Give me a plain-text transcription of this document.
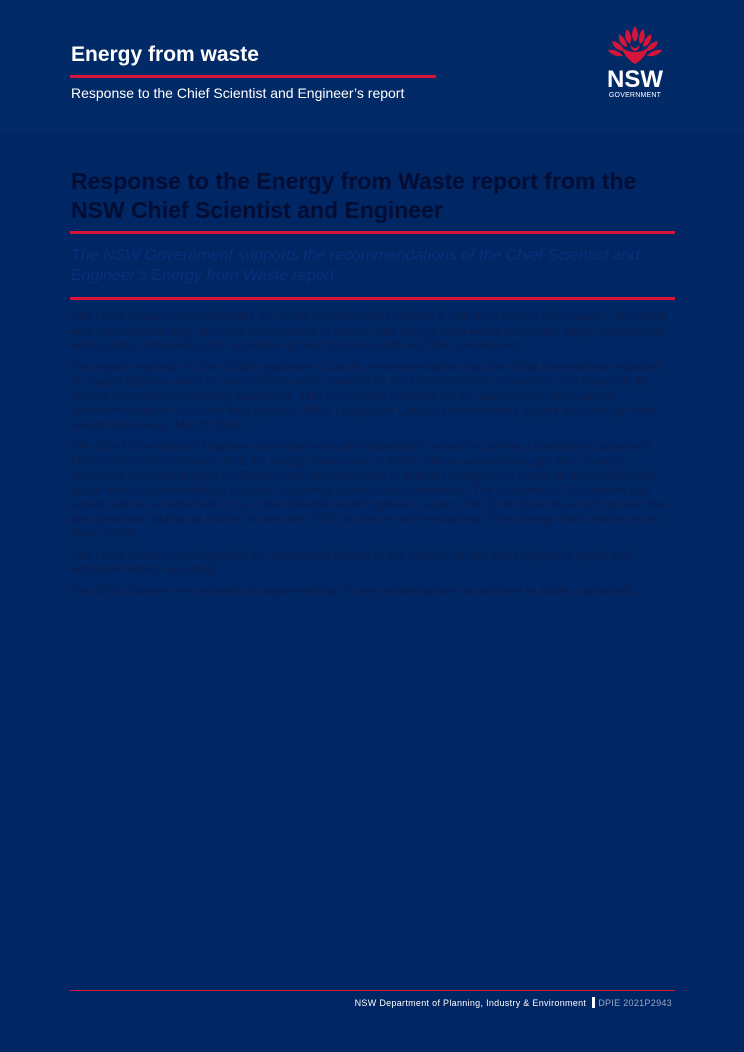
Energy from waste
Response to the Chief Scientist and Engineer’s report	NSW
GOVERNMENT
Response to the Energy from Waste report from the NSW Chief Scientist and Engineer

The NSW Government supports the recommendations of the Chief Scientist and Engineer’s Energy from Waste report

The NSW Government welcomes the Chief Scientist and Engineer’s report on energy from waste. The report was commissioned by the NSW Government to ensure that energy from waste proposals adopt international best practice standards and controls to protect human health and the environment.

The report responds to the NSW Legislative Council’s recommendation that the NSW Government establish an expert advisory body on energy from waste chaired by the Chief Scientist to examine and report on the energy from waste regulatory framework. This is to create certainty for the market and communities (Recommendation 19 of the final report of NSW Legislative Council Parliamentary Inquiry into Energy from Waste technology, March 2018).

The Chief Scientist and Engineer commissioned an independent review by Sydney University of proposed best practice air emissions limits for energy from waste in NSW. Advice was also sought from Sydney University on technological challenges and developments in aligning energy from waste facilities with NSW government policies relating to waste, recycling, and net-zero emissions. The outcomes of this review and expert advice are attached to the Chief Scientist and Engineer’s report. The Chief Scientist and Engineer has also provided additional advice (November 2020) on the recommendations of his Energy from Waste report (May 2020).

The NSW Government supports the recommendations of the Chief Scientist and Engineer’s report and additional advice provided.

The NSW Government commits to implementing the recommendations as outlined in Table 1 attached.

NSW Department of Planning, Industry & Environment DPIE 2021P2943
